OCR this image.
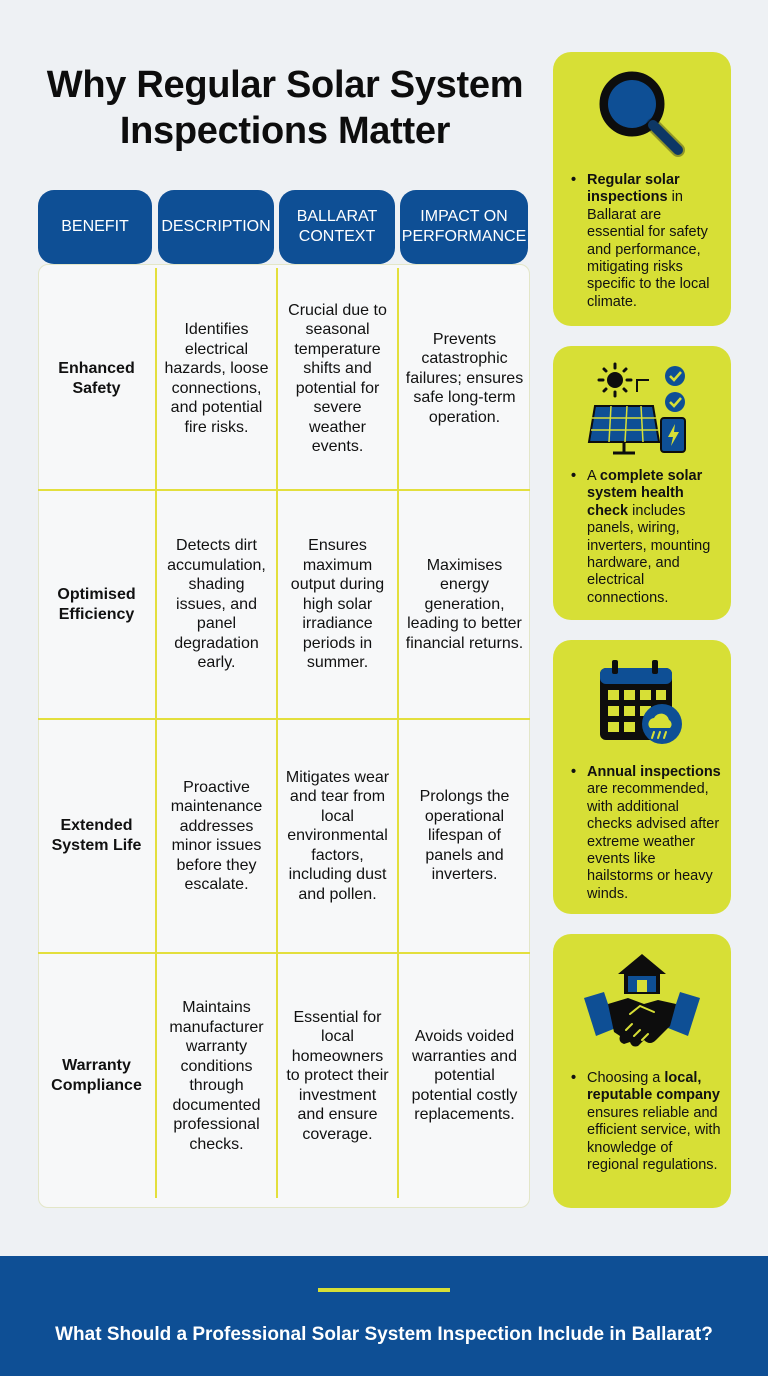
Why Regular Solar System Inspections Matter
BENEFIT	DESCRIPTION
BALLARAT CONTEXT
IMPACT ON PERFORMANCE
Enhanced Safety
Identifies electrical hazards, loose connections, and potential fire risks.
Crucial due to seasonal temperature shifts and potential for severe weather events.
Prevents catastrophic failures; ensures safe long-term operation.
Optimised Efficiency
Detects dirt accumulation, shading issues, and panel degradation early.
Ensures maximum output during high solar irradiance periods in summer.
Maximises energy generation, leading to better financial returns.
Extended System Life
Proactive maintenance addresses minor issues before they escalate.
Mitigates wear and tear from local environmental factors, including dust and pollen.
Prolongs the operational lifespan of panels and inverters.
Warranty Compliance
Maintains manufacturer warranty conditions through documented professional checks.
Essential for local homeowners to protect their investment and ensure coverage.
Avoids voided warranties and potential potential costly replacements.
• Regular solar inspections in Ballarat are essential for safety and performance, mitigating risks specific to the local climate.
• A complete solar system health check includes panels, wiring, inverters, mounting hardware, and electrical connections.
• Annual inspections are recommended, with additional checks advised after extreme weather events like hailstorms or heavy winds.
• Choosing a local, reputable company ensures reliable and efficient service, with knowledge of regional regulations.
What Should a Professional Solar System Inspection Include in Ballarat?
